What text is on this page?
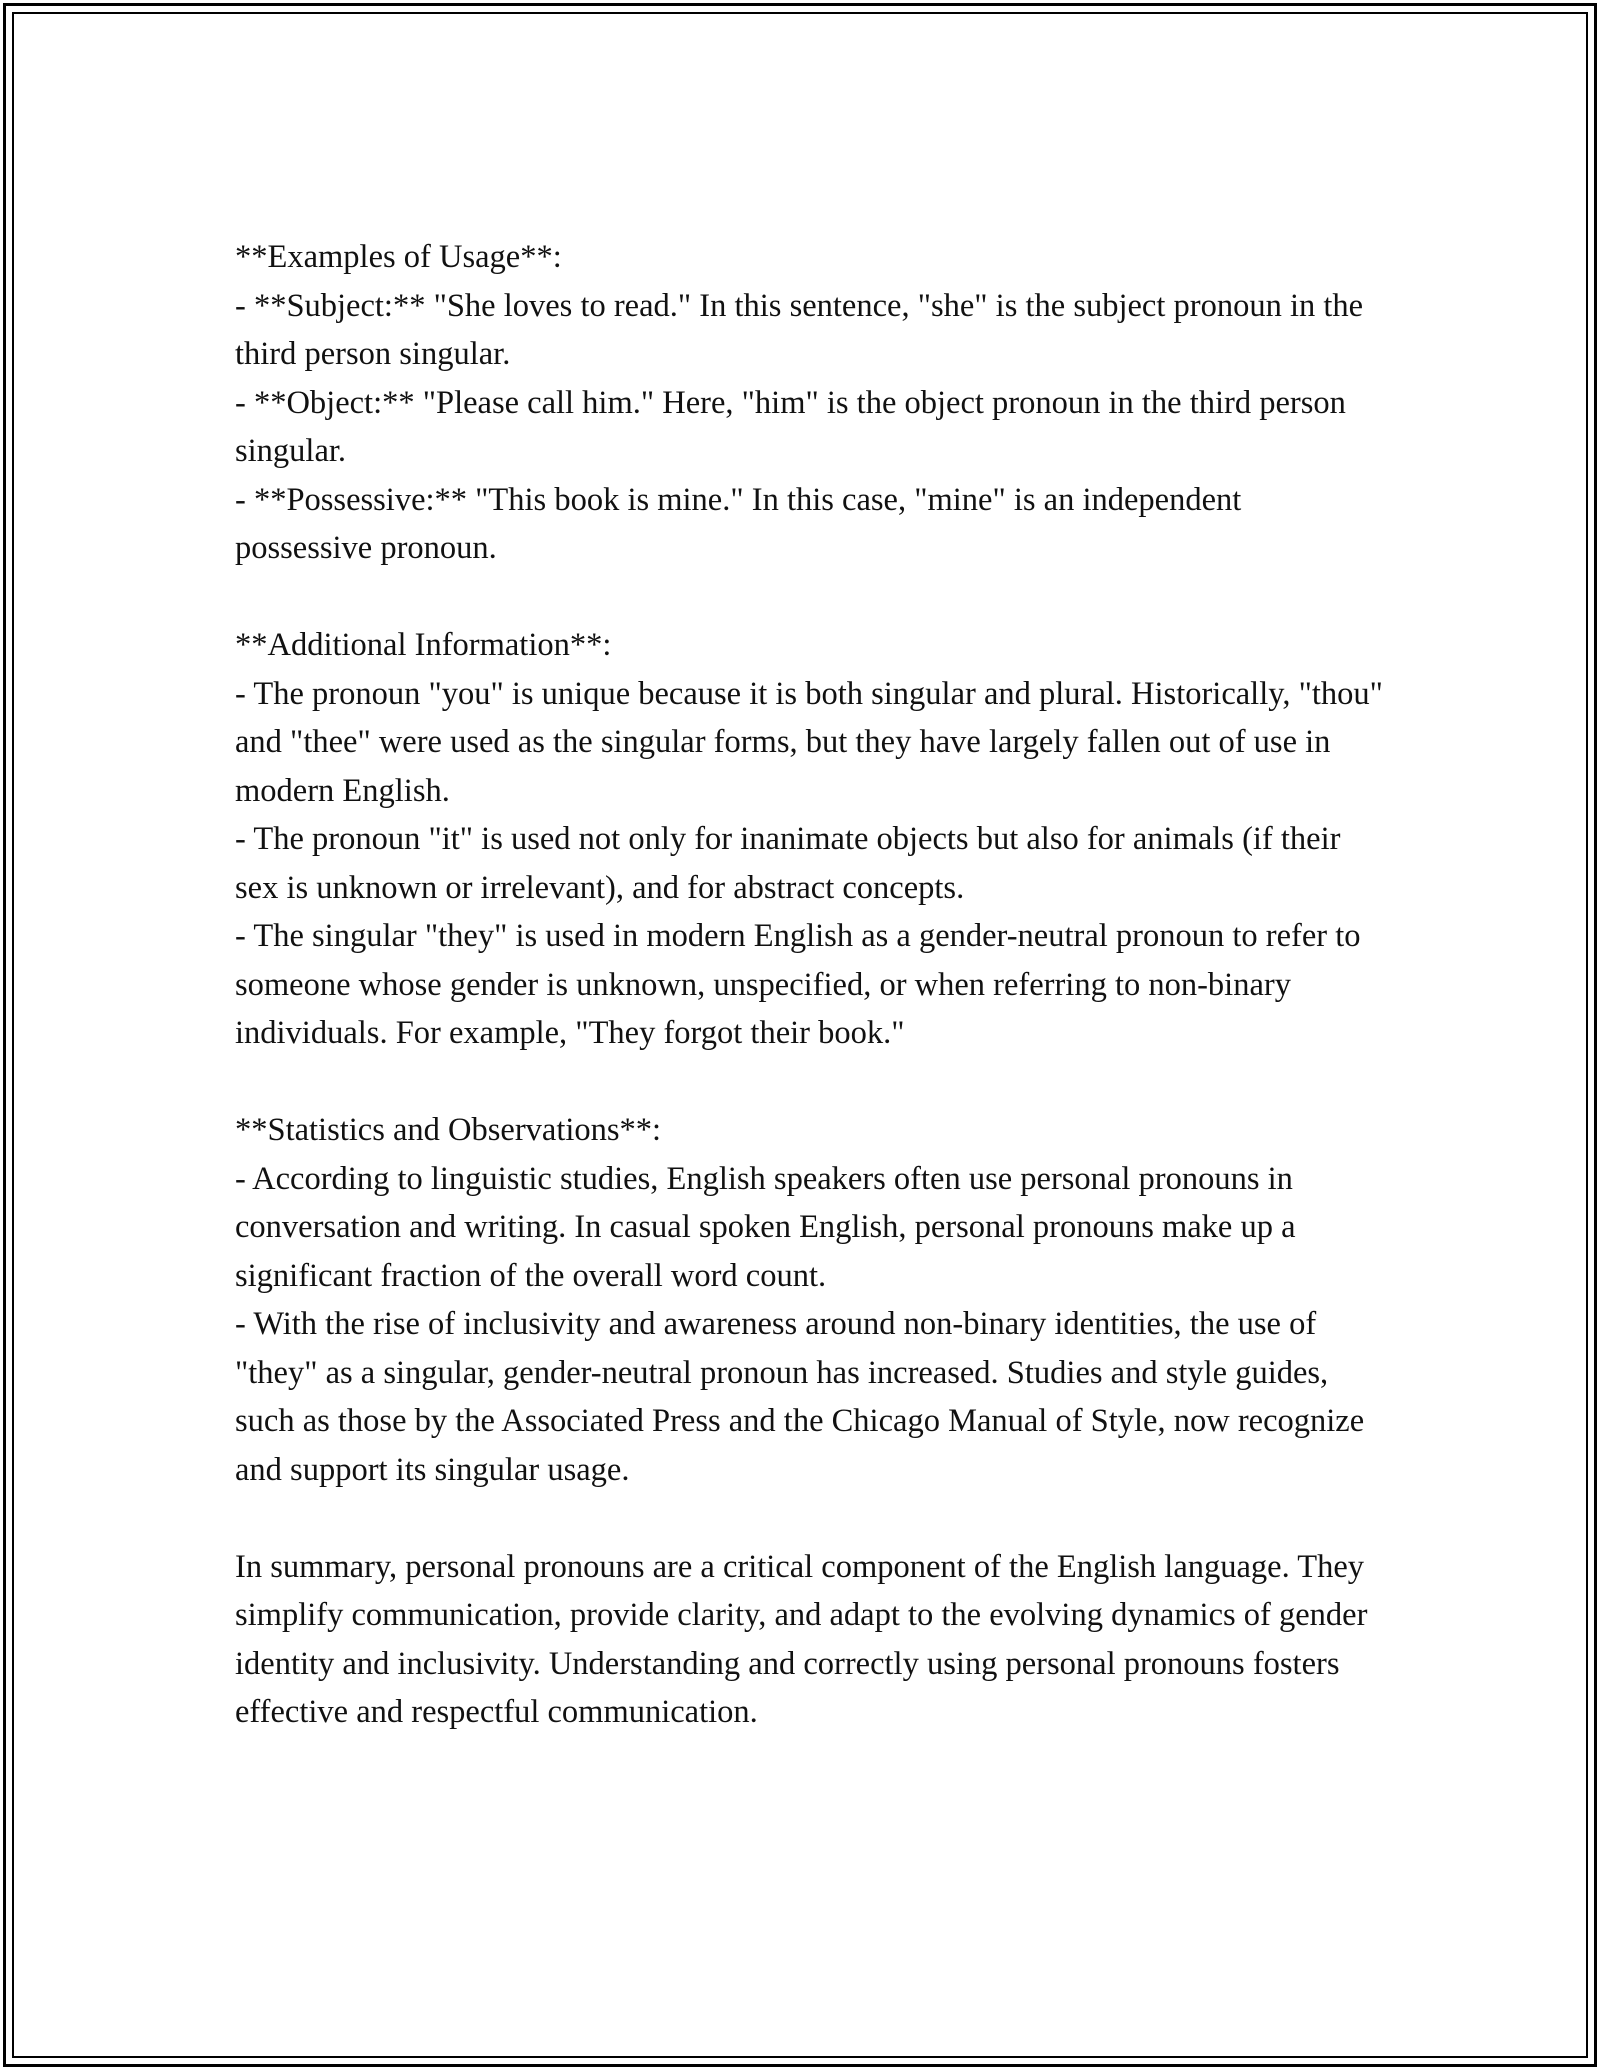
**Examples of Usage**:

- **Subject:** "She loves to read." In this sentence, "she" is the subject pronoun in the third person singular.

- **Object:** "Please call him." Here, "him" is the object pronoun in the third person singular.

- **Possessive:** "This book is mine." In this case, "mine" is an independent possessive pronoun.

**Additional Information**:

- The pronoun "you" is unique because it is both singular and plural. Historically, "thou" and "thee" were used as the singular forms, but they have largely fallen out of use in modern English.

- The pronoun "it" is used not only for inanimate objects but also for animals (if their sex is unknown or irrelevant), and for abstract concepts.

- The singular "they" is used in modern English as a gender-neutral pronoun to refer to someone whose gender is unknown, unspecified, or when referring to non-binary individuals. For example, "They forgot their book."

**Statistics and Observations**:

- According to linguistic studies, English speakers often use personal pronouns in conversation and writing. In casual spoken English, personal pronouns make up a significant fraction of the overall word count.

- With the rise of inclusivity and awareness around non-binary identities, the use of "they" as a singular, gender-neutral pronoun has increased. Studies and style guides, such as those by the Associated Press and the Chicago Manual of Style, now recognize and support its singular usage.

In summary, personal pronouns are a critical component of the English language. They simplify communication, provide clarity, and adapt to the evolving dynamics of gender identity and inclusivity. Understanding and correctly using personal pronouns fosters effective and respectful communication.
